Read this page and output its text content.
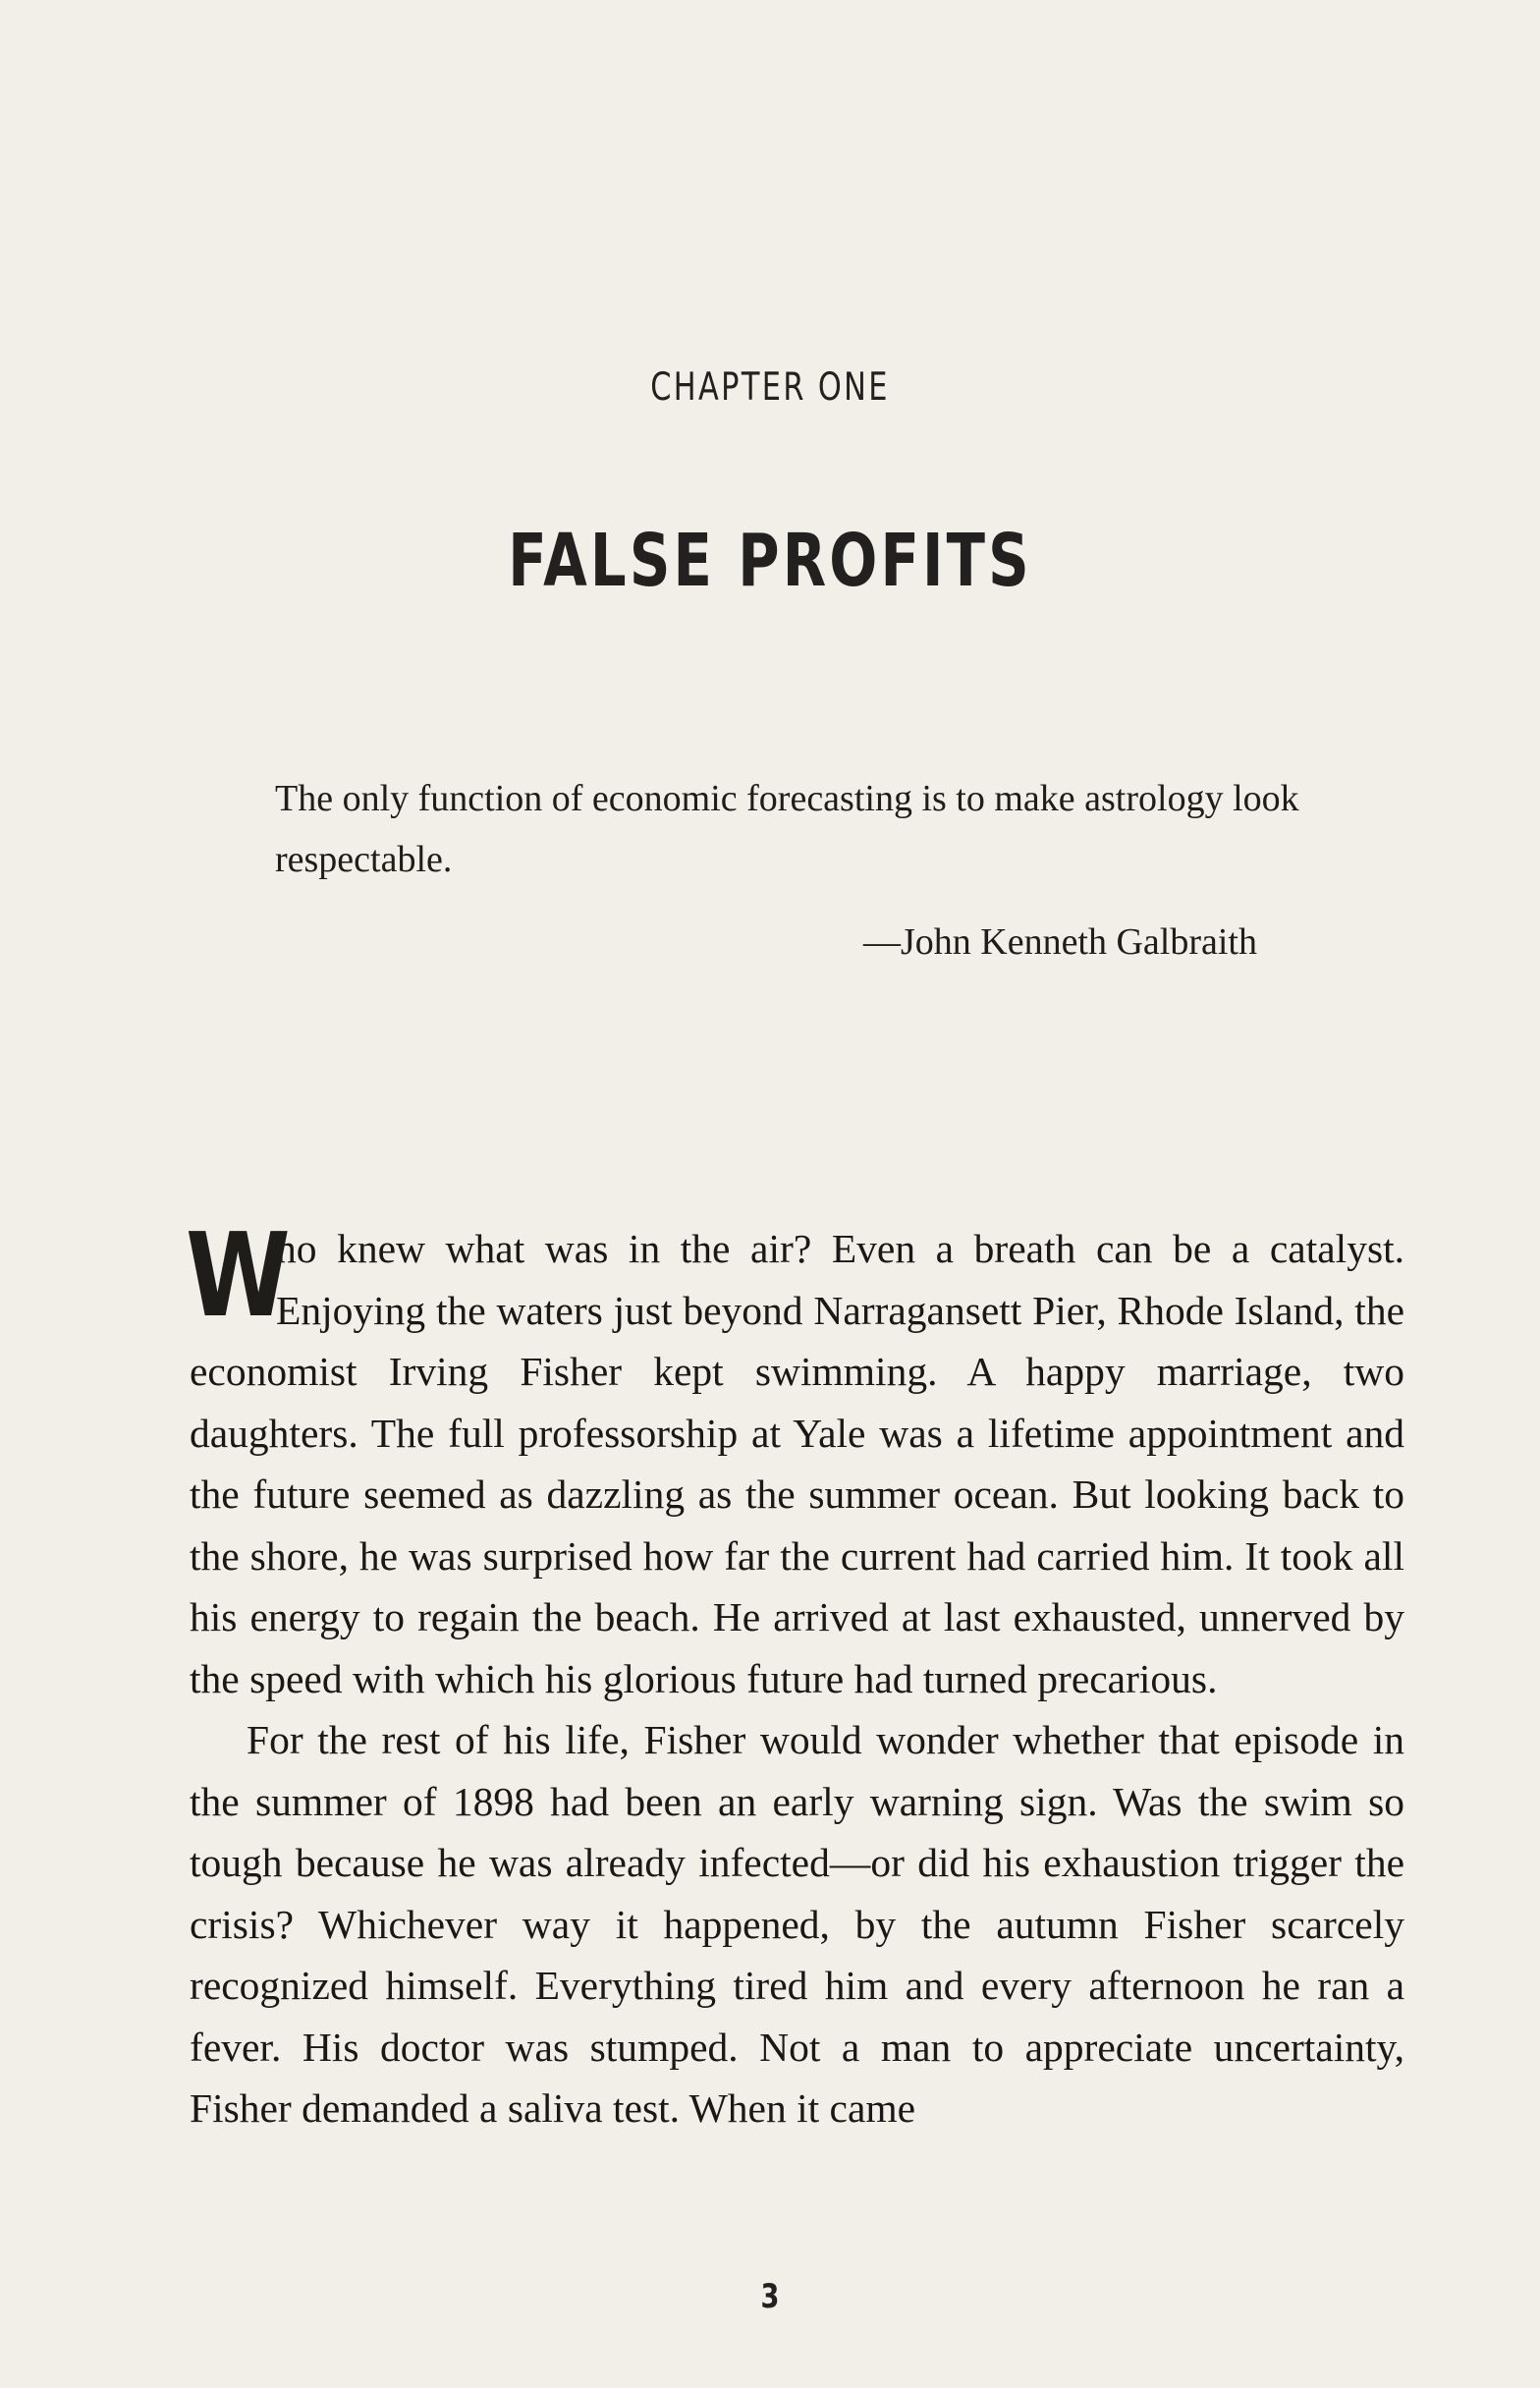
CHAPTER ONE
FALSE PROFITS
The only function of economic forecasting is to make astrology look respectable.
—John Kenneth Galbraith

W
ho knew what was in the air? Even a breath can be a catalyst. Enjoying the waters just beyond Narragansett Pier, Rhode Island, the economist Irving Fisher kept swimming. A happy marriage, two daughters. The full professorship at Yale was a lifetime appointment and the future seemed as dazzling as the summer ocean. But looking back to the shore, he was surprised how far the current had carried him. It took all his energy to regain the beach. He arrived at last exhausted, unnerved by the speed with which his glorious future had turned precarious.

For the rest of his life, Fisher would wonder whether that episode in the summer of 1898 had been an early warning sign. Was the swim so tough because he was already infected—or did his exhaustion trigger the crisis? Whichever way it happened, by the autumn Fisher scarcely recognized himself. Everything tired him and every afternoon he ran a fever. His doctor was stumped. Not a man to appreciate uncertainty, Fisher demanded a saliva test. When it came

3
